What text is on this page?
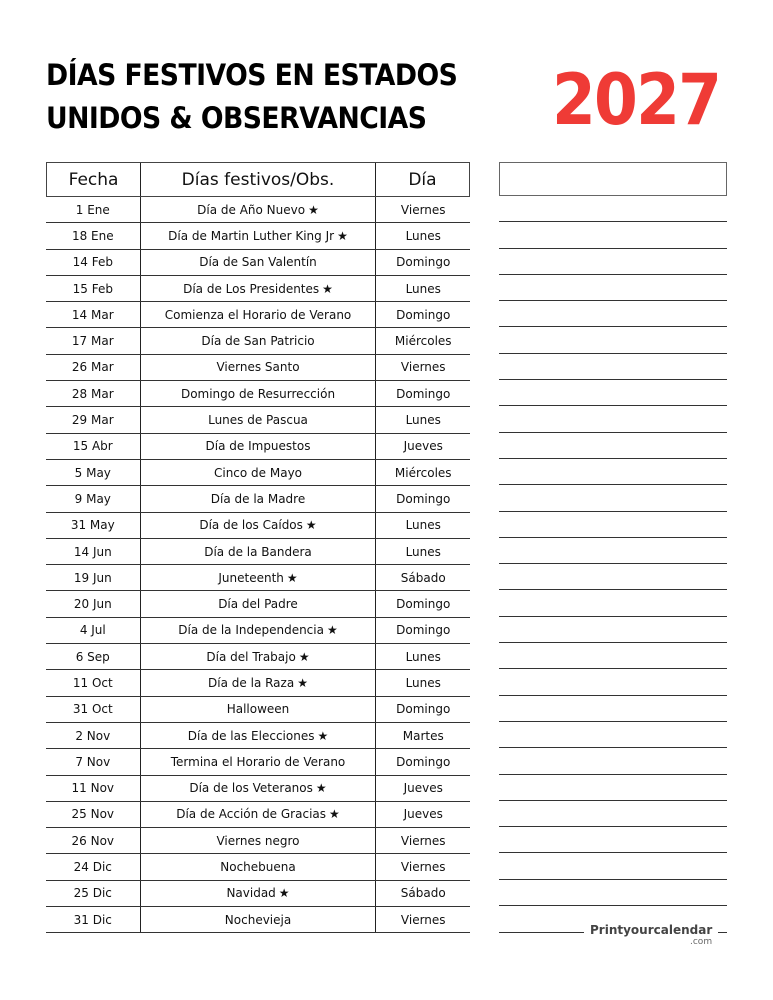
DÍAS FESTIVOS EN ESTADOS
UNIDOS & OBSERVANCIAS	2027
Fecha	Días festivos/Obs.	Día
1 Ene	Día de Año Nuevo ★	Viernes
18 Ene	Día de Martin Luther King Jr ★	Lunes
14 Feb	Día de San Valentín	Domingo
15 Feb	Día de Los Presidentes ★	Lunes
14 Mar	Comienza el Horario de Verano	Domingo
17 Mar	Día de San Patricio	Miércoles
26 Mar	Viernes Santo	Viernes
28 Mar	Domingo de Resurrección	Domingo
29 Mar	Lunes de Pascua	Lunes
15 Abr	Día de Impuestos	Jueves
5 May	Cinco de Mayo	Miércoles
9 May	Día de la Madre	Domingo
31 May	Día de los Caídos ★	Lunes
14 Jun	Día de la Bandera	Lunes
19 Jun	Juneteenth ★	Sábado
20 Jun	Día del Padre	Domingo
4 Jul	Día de la Independencia ★	Domingo
6 Sep	Día del Trabajo ★	Lunes
11 Oct	Día de la Raza ★	Lunes
31 Oct	Halloween	Domingo
2 Nov	Día de las Elecciones ★	Martes
7 Nov	Termina el Horario de Verano	Domingo
11 Nov	Día de los Veteranos ★	Jueves
25 Nov	Día de Acción de Gracias ★	Jueves
26 Nov	Viernes negro	Viernes
24 Dic	Nochebuena	Viernes
25 Dic	Navidad ★	Sábado
31 Dic	Nochevieja	Viernes
Printyourcalendar
.com
